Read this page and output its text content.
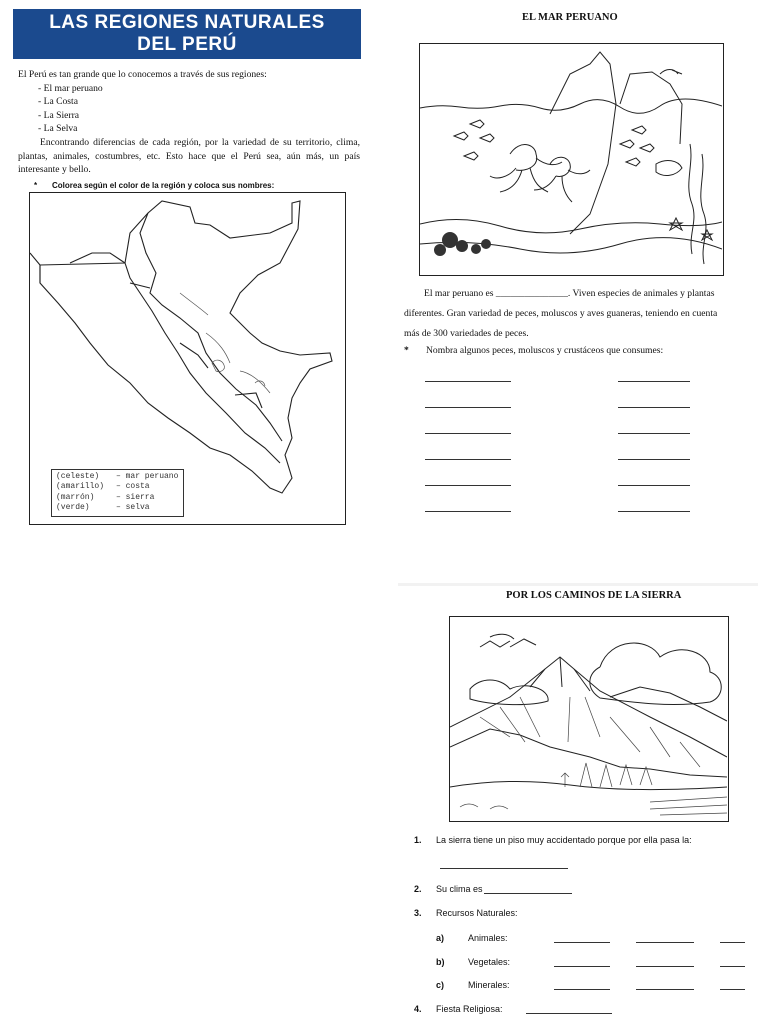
LAS REGIONES NATURALES
DEL PERÚ
El Perú es tan grande que lo conocemos a través de sus regiones:
- El mar peruano
- La Costa
- La Sierra
- La Selva
Encontrando diferencias de cada región, por la variedad de su territorio, clima, plantas, animales, costumbres, etc. Esto hace que el Perú sea, aún más, un país interesante y bello.
* Colorea según el color de la región y coloca sus nombres:
(celeste)	– mar peruano
(amarillo)	– costa
(marrón)	– sierra
(verde)	– selva
EL MAR PERUANO
El mar peruano es _______________. Viven especies de animales y plantas
diferentes. Gran variedad de peces, moluscos y aves guaneras, teniendo en cuenta
más de 300 variedades de peces.
* Nombra algunos peces, moluscos y crustáceos que consumes:
POR LOS CAMINOS DE LA SIERRA
1. La sierra tiene un piso muy accidentado porque por ella pasa la:
2. Su clima es
3. Recursos Naturales:
a)	Animales:
b)	Vegetales:
c)	Minerales:
4. Fiesta Religiosa:
